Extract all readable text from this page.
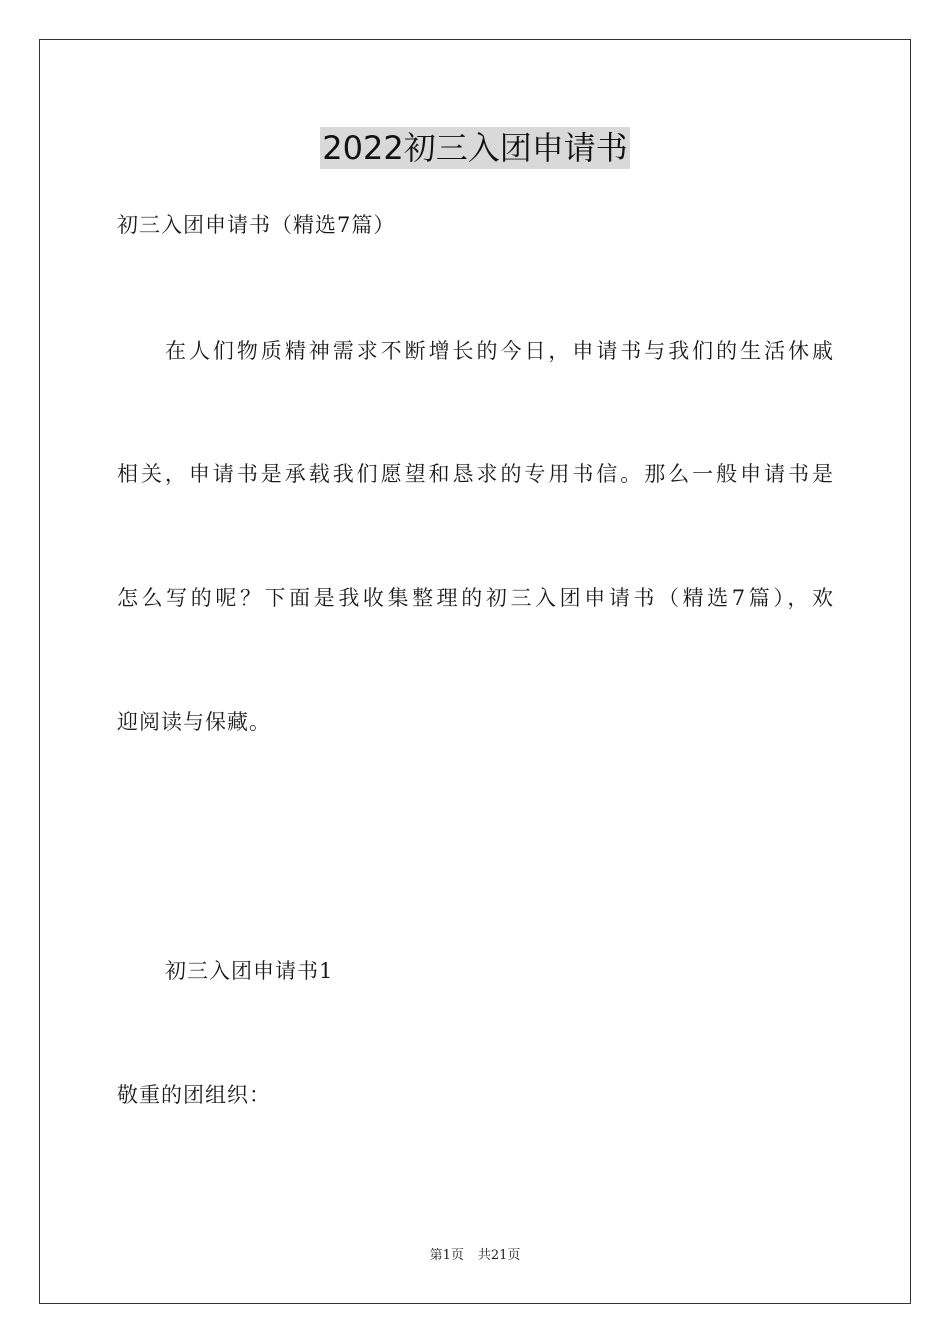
2022初三入团申请书
初三入团申请书（精选7篇）
在人们物质精神需求不断增长的今日，申请书与我们的生活休戚
相关，申请书是承载我们愿望和恳求的专用书信。那么一般申请书是
怎么写的呢？下面是我收集整理的初三入团申请书（精选7篇），欢
迎阅读与保藏。
初三入团申请书1
敬重的团组织：
第1页 共21页
